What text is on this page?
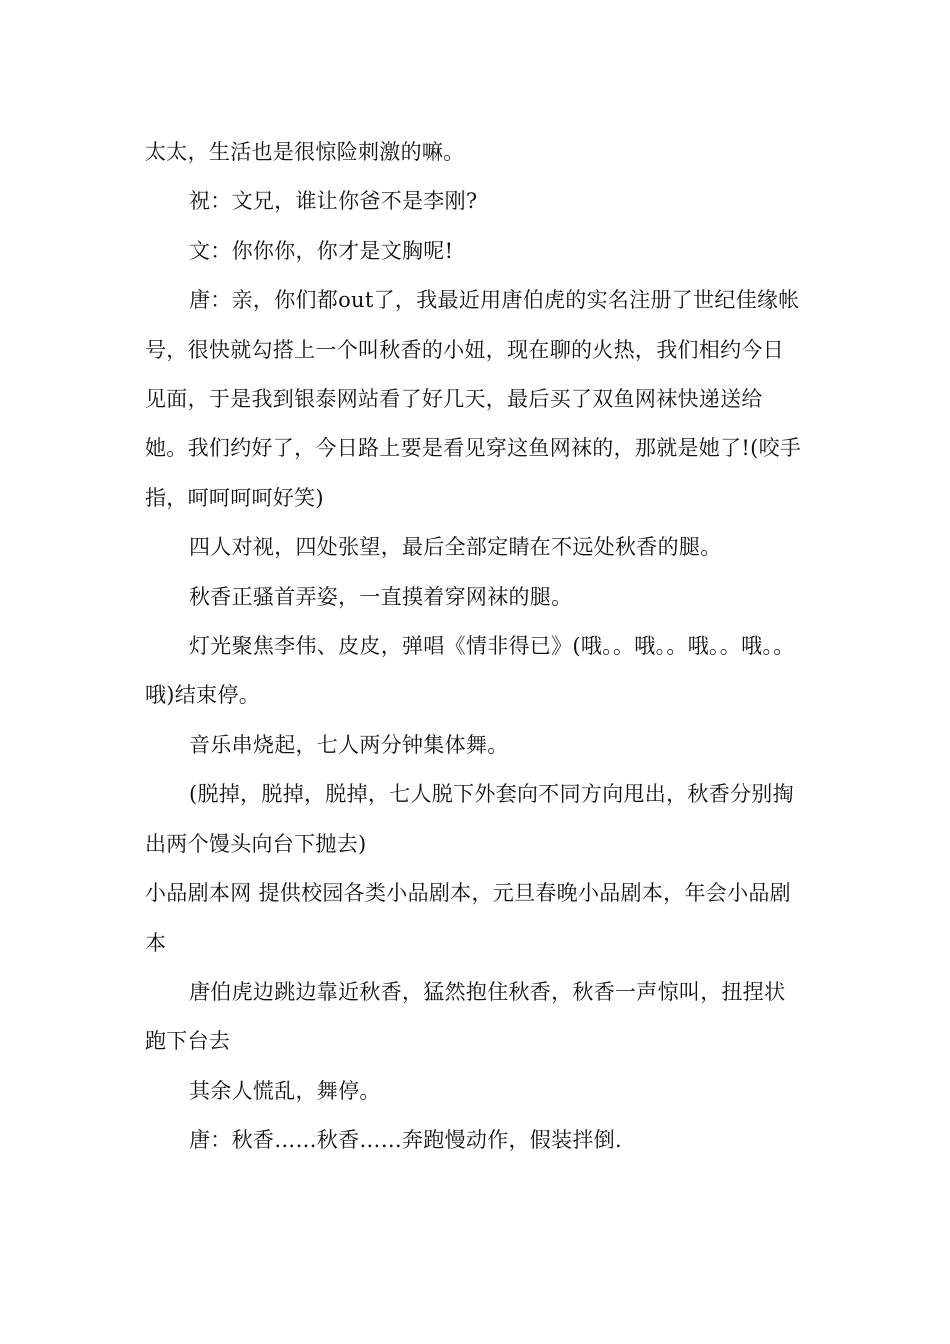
太太，生活也是很惊险刺激的嘛。

祝：文兄，谁让你爸不是李刚?

文：你你你，你才是文胸呢!

唐：亲，你们都out了，我最近用唐伯虎的实名注册了世纪佳缘帐号，很快就勾搭上一个叫秋香的小妞，现在聊的火热，我们相约今日见面，于是我到银泰网站看了好几天，最后买了双鱼网袜快递送给她。我们约好了，今日路上要是看见穿这鱼网袜的，那就是她了!(咬手指，呵呵呵呵好笑)

四人对视，四处张望，最后全部定睛在不远处秋香的腿。

秋香正骚首弄姿，一直摸着穿网袜的腿。

灯光聚焦李伟、皮皮，弹唱《情非得已》(哦。。哦。。哦。。哦。。哦)结束停。

音乐串烧起，七人两分钟集体舞。

(脱掉，脱掉，脱掉，七人脱下外套向不同方向甩出，秋香分别掏出两个馒头向台下抛去)

小品剧本网 提供校园各类小品剧本，元旦春晚小品剧本，年会小品剧本

唐伯虎边跳边靠近秋香，猛然抱住秋香，秋香一声惊叫，扭捏状跑下台去

其余人慌乱，舞停。

唐：秋香……秋香……奔跑慢动作，假装拌倒.
